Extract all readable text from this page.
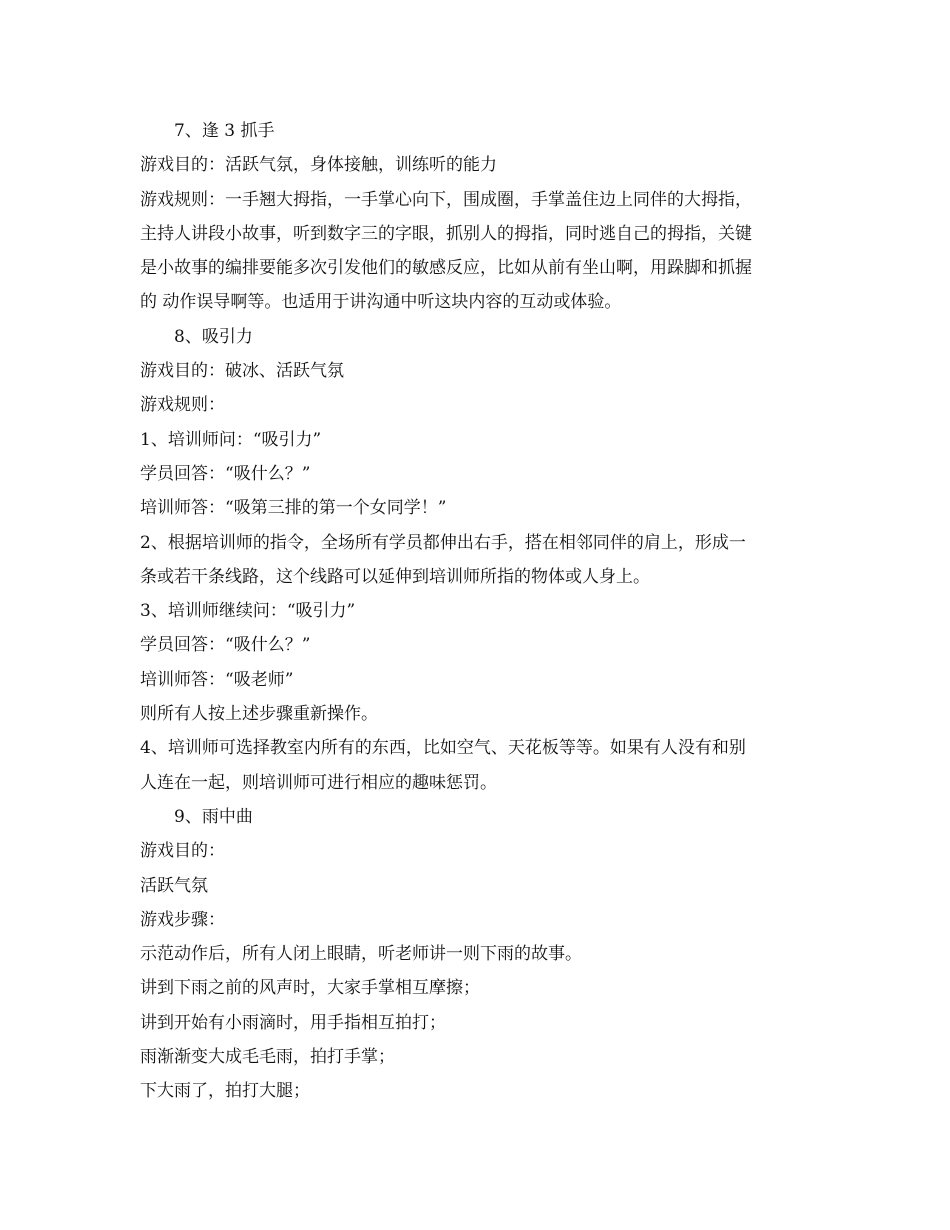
7、逢 3 抓手
游戏目的：活跃气氛，身体接触，训练听的能力
游戏规则：一手翘大拇指，一手掌心向下，围成圈，手掌盖住边上同伴的大拇指，
主持人讲段小故事，听到数字三的字眼，抓别人的拇指，同时逃自己的拇指，关键
是小故事的编排要能多次引发他们的敏感反应，比如从前有坐山啊，用跺脚和抓握
的 动作误导啊等。也适用于讲沟通中听这块内容的互动或体验。
8、吸引力
游戏目的：破冰、活跃气氛
游戏规则：
1、培训师问：“吸引力”
学员回答：“吸什么？”
培训师答：“吸第三排的第一个女同学！”
2、根据培训师的指令，全场所有学员都伸出右手，搭在相邻同伴的肩上，形成一
条或若干条线路，这个线路可以延伸到培训师所指的物体或人身上。
3、培训师继续问：“吸引力”
学员回答：“吸什么？”
培训师答：“吸老师”
则所有人按上述步骤重新操作。
4、培训师可选择教室内所有的东西，比如空气、天花板等等。如果有人没有和别
人连在一起，则培训师可进行相应的趣味惩罚。
9、雨中曲
游戏目的：
活跃气氛
游戏步骤：
示范动作后，所有人闭上眼睛，听老师讲一则下雨的故事。
讲到下雨之前的风声时，大家手掌相互摩擦；
讲到开始有小雨滴时，用手指相互拍打；
雨渐渐变大成毛毛雨，拍打手掌；
下大雨了，拍打大腿；
